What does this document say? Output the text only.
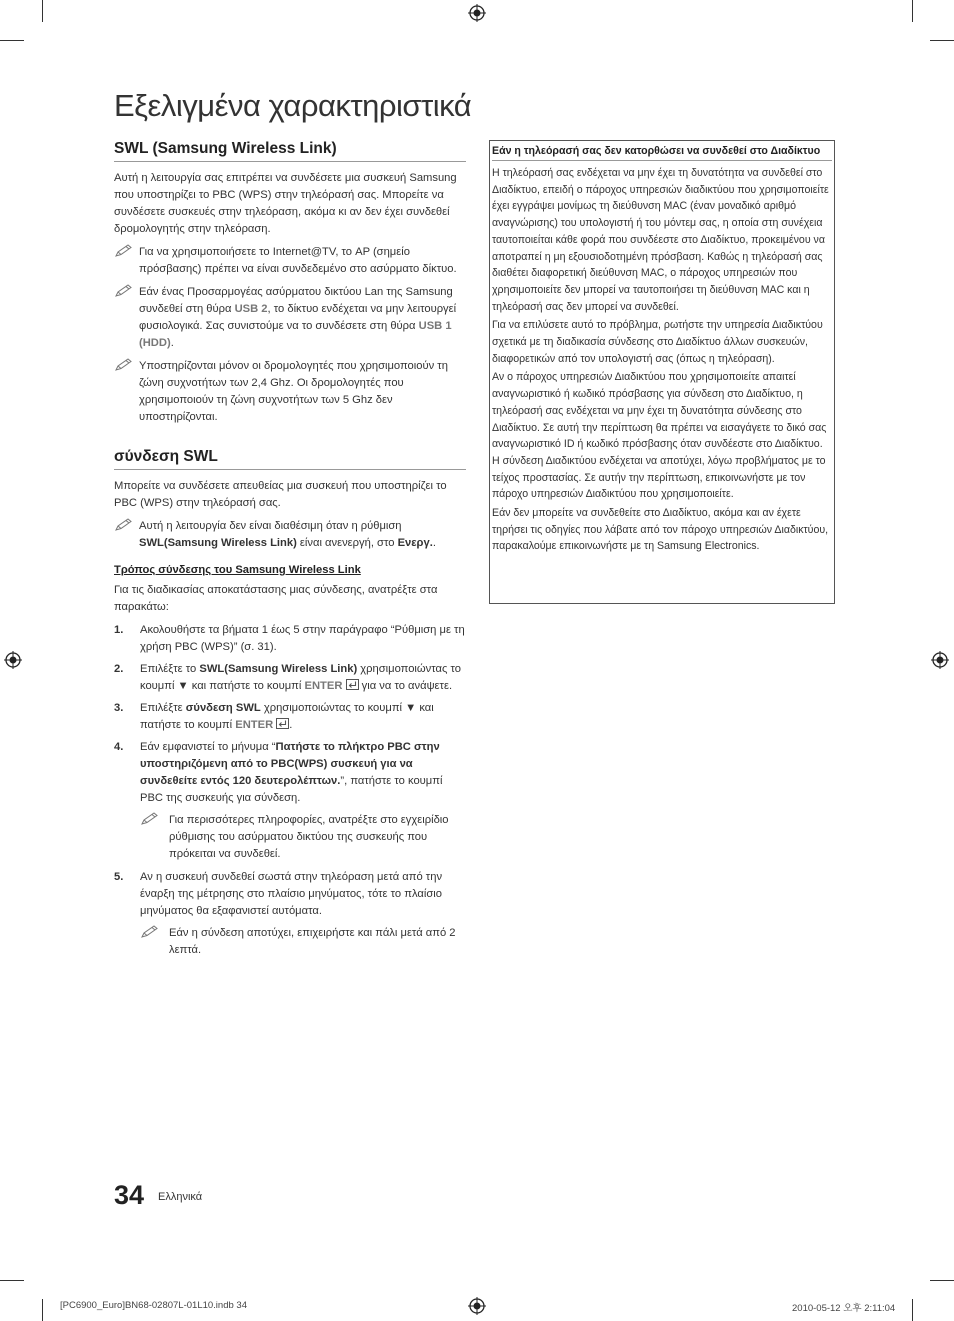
Εξελιγμένα χαρακτηριστικά
SWL (Samsung Wireless Link)

Αυτή η λειτουργία σας επιτρέπει να συνδέσετε μια συσκευή Samsung που υποστηρίζει το PBC (WPS) στην τηλεόρασή σας. Μπορείτε να συνδέσετε συσκευές στην τηλεόραση, ακόμα κι αν δεν έχει συνδεθεί δρομολογητής στην τηλεόραση.

Για να χρησιμοποιήσετε το Internet@TV, το AP (σημείο πρόσβασης) πρέπει να είναι συνδεδεμένο στο ασύρματο δίκτυο.
Εάν ένας Προσαρμογέας ασύρματου δικτύου Lan της Samsung συνδεθεί στη θύρα USB 2, το δίκτυο ενδέχεται να μην λειτουργεί φυσιολογικά. Σας συνιστούμε να το συνδέσετε στη θύρα USB 1 (HDD).
Υποστηρίζονται μόνον οι δρομολογητές που χρησιμοποιούν τη ζώνη συχνοτήτων των 2,4 Ghz. Οι δρομολογητές που χρησιμοποιούν τη ζώνη συχνοτήτων των 5 Ghz δεν υποστηρίζονται.
σύνδεση SWL

Μπορείτε να συνδέσετε απευθείας μια συσκευή που υποστηρίζει το PBC (WPS) στην τηλεόρασή σας.

Αυτή η λειτουργία δεν είναι διαθέσιμη όταν η ρύθμιση SWL(Samsung Wireless Link) είναι ανενεργή, στο Ενεργ..
Τρόπος σύνδεσης του Samsung Wireless Link

Για τις διαδικασίας αποκατάστασης μιας σύνδεσης, ανατρέξτε στα παρακάτω:

1. Ακολουθήστε τα βήματα 1 έως 5 στην παράγραφο “Ρύθμιση με τη χρήση PBC (WPS)” (σ. 31).
2. Επιλέξτε το SWL(Samsung Wireless Link) χρησιμοποιώντας το κουμπί ▼ και πατήστε το κουμπί ENTER  για να το ανάψετε.
3. Επιλέξτε σύνδεση SWL χρησιμοποιώντας το κουμπί ▼ και πατήστε το κουμπί ENTER .
4. Εάν εμφανιστεί το μήνυμα “Πατήστε το πλήκτρο PBC στην υποστηριζόμενη από το PBC(WPS) συσκευή για να συνδεθείτε εντός 120 δευτερολέπτων.”, πατήστε το κουμπί PBC της συσκευής για σύνδεση.
Για περισσότερες πληροφορίες, ανατρέξτε στο εγχειρίδιο ρύθμισης του ασύρματου δικτύου της συσκευής που πρόκειται να συνδεθεί.
5. Αν η συσκευή συνδεθεί σωστά στην τηλεόραση μετά από την έναρξη της μέτρησης στο πλαίσιο μηνύματος, τότε το πλαίσιο μηνύματος θα εξαφανιστεί αυτόματα.
Εάν η σύνδεση αποτύχει, επιχειρήστε και πάλι μετά από 2 λεπτά.
Εάν η τηλεόρασή σας δεν κατορθώσει να συνδεθεί στο Διαδίκτυο

Η τηλεόρασή σας ενδέχεται να μην έχει τη δυνατότητα να συνδεθεί στο Διαδίκτυο, επειδή ο πάροχος υπηρεσιών διαδικτύου που χρησιμοποιείτε έχει εγγράψει μονίμως τη διεύθυνση MAC (έναν μοναδικό αριθμό αναγνώρισης) του υπολογιστή ή του μόντεμ σας, η οποία στη συνέχεια ταυτοποιείται κάθε φορά που συνδέεστε στο Διαδίκτυο, προκειμένου να αποτραπεί η μη εξουσιοδοτημένη πρόσβαση. Καθώς η τηλεόρασή σας διαθέτει διαφορετική διεύθυνση MAC, ο πάροχος υπηρεσιών που χρησιμοποιείτε δεν μπορεί να ταυτοποιήσει τη διεύθυνση MAC και η τηλεόρασή σας δεν μπορεί να συνδεθεί.

Για να επιλύσετε αυτό το πρόβλημα, ρωτήστε την υπηρεσία Διαδικτύου σχετικά με τη διαδικασία σύνδεσης στο Διαδίκτυο άλλων συσκευών, διαφορετικών από τον υπολογιστή σας (όπως η τηλεόραση).

Αν ο πάροχος υπηρεσιών Διαδικτύου που χρησιμοποιείτε απαιτεί αναγνωριστικό ή κωδικό πρόσβασης για σύνδεση στο Διαδίκτυο, η τηλεόρασή σας ενδέχεται να μην έχει τη δυνατότητα σύνδεσης στο Διαδίκτυο. Σε αυτή την περίπτωση θα πρέπει να εισαγάγετε το δικό σας αναγνωριστικό ID ή κωδικό πρόσβασης όταν συνδέεστε στο Διαδίκτυο. Η σύνδεση Διαδικτύου ενδέχεται να αποτύχει, λόγω προβλήματος με το τείχος προστασίας. Σε αυτήν την περίπτωση, επικοινωνήστε με τον πάροχο υπηρεσιών Διαδικτύου που χρησιμοποιείτε.

Εάν δεν μπορείτε να συνδεθείτε στο Διαδίκτυο, ακόμα και αν έχετε τηρήσει τις οδηγίες που λάβατε από τον πάροχο υπηρεσιών Διαδικτύου, παρακαλούμε επικοινωνήστε με τη Samsung Electronics.

34 Ελληνικά
[PC6900_Euro]BN68-02807L-01L10.indb 34	2010-05-12 오후 2:11:04
